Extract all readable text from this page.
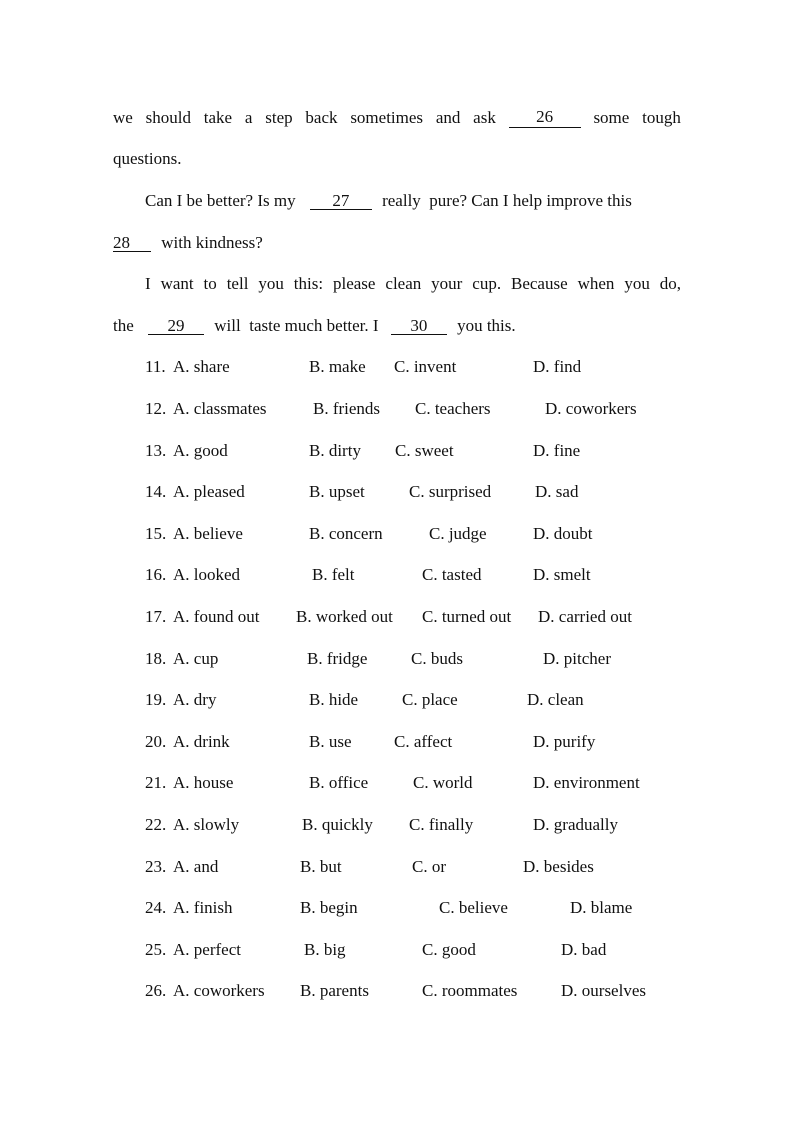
we should take a step back sometimes and ask	26	some tough
questions.
Can I be better? Is my 27 really  pure? Can I help improve this
28 with kindness?
I want to tell you this: please clean your cup. Because when you do,
the 29 will  taste much better. I 30 you this.
11. A. share	B. make C. invent	D. find
12. A. classmates	B. friends C. teachers	D. coworkers
13. A. good	B. dirty C. sweet	D. fine
14. A. pleased	B. upset	C. surprised	D. sad
15. A. believe	B. concern	C. judge	D. doubt
16. A. looked	B. felt	C. tasted	D. smelt
17. A. found out B. worked out C. turned out D. carried out
18. A. cup	B. fridge	C. buds	D. pitcher
19. A. dry	B. hide	C. place	D. clean
20. A. drink	B. use	C. affect	D. purify
21. A. house	B. office	C. world	D. environment
22. A. slowly	B. quickly C. finally	D. gradually
23. A. and	B. but	C. or	D. besides
24. A. finish	B. begin	C. believe	D. blame
25. A. perfect	B. big	C. good	D. bad
26. A. coworkers B. parents	C. roommates	D. ourselves
